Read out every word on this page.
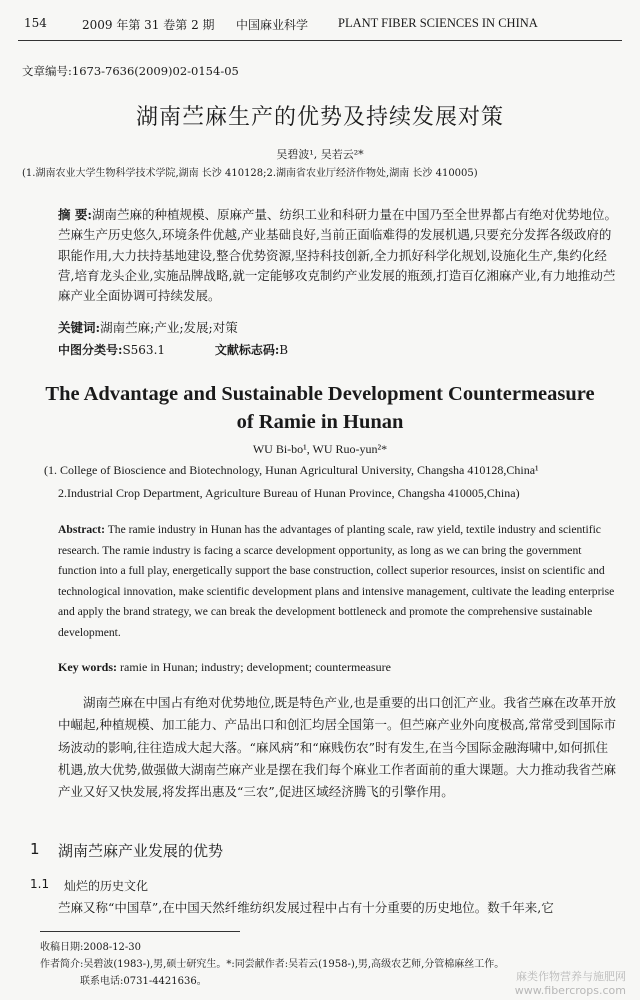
154	2009 年第 31 卷第 2 期 中国麻业科学 PLANT FIBER SCIENCES IN CHINA
文章编号:1673-7636(2009)02-0154-05
湖南苎麻生产的优势及持续发展对策
吴碧波¹, 吴若云²*
(1.湖南农业大学生物科学技术学院,湖南 长沙 410128;2.湖南省农业厅经济作物处,湖南 长沙 410005)
摘 要:湖南苎麻的种植规模、原麻产量、纺织工业和科研力量在中国乃至全世界都占有绝对优势地位。苎麻生产历史悠久,环境条件优越,产业基础良好,当前正面临难得的发展机遇,只要充分发挥各级政府的职能作用,大力扶持基地建设,整合优势资源,坚持科技创新,全力抓好科学化规划,设施化生产,集约化经营,培育龙头企业,实施品牌战略,就一定能够攻克制约产业发展的瓶颈,打造百亿湘麻产业,有力地推动苎麻产业全面协调可持续发展。
关键词:湖南苎麻;产业;发展;对策
中图分类号:S563.1	文献标志码:B
The Advantage and Sustainable Development Countermeasure
of Ramie in Hunan
WU Bi-bo¹, WU Ruo-yun²*
(1. College of Bioscience and Biotechnology, Hunan Agricultural University, Changsha 410128,China¹
2.Industrial Crop Department, Agriculture Bureau of Hunan Province, Changsha 410005,China)
Abstract: The ramie industry in Hunan has the advantages of planting scale, raw yield, textile industry and scientific research. The ramie industry is facing a scarce development opportunity, as long as we can bring the government function into a full play, energetically support the base construction, collect superior resources, insist on scientific and technological innovation, make scientific development plans and intensive management, cultivate the leading enterprise and apply the brand strategy, we can break the development bottleneck and promote the comprehensive sustainable development.
Key words: ramie in Hunan; industry; development; countermeasure
湖南苎麻在中国占有绝对优势地位,既是特色产业,也是重要的出口创汇产业。我省苎麻在改革开放中崛起,种植规模、加工能力、产品出口和创汇均居全国第一。但苎麻产业外向度极高,常常受到国际市场波动的影响,往往造成大起大落。“麻风病”和“麻贱伤农”时有发生,在当今国际金融海啸中,如何抓住机遇,放大优势,做强做大湖南苎麻产业是摆在我们每个麻业工作者面前的重大课题。大力推动我省苎麻产业又好又快发展,将发挥出惠及“三农”,促进区域经济腾飞的引擎作用。
1 湖南苎麻产业发展的优势
1.1 灿烂的历史文化
苎麻又称“中国草”,在中国天然纤维纺织发展过程中占有十分重要的历史地位。数千年来,它
收稿日期:2008-12-30
作者简介:吴碧波(1983-),男,硕士研究生。*:同尝献作者:吴若云(1958-),男,高级农艺师,分管棉麻丝工作。
联系电话:0731-4421636。	麻类作物营养与施肥网
www.fibercrops.com
